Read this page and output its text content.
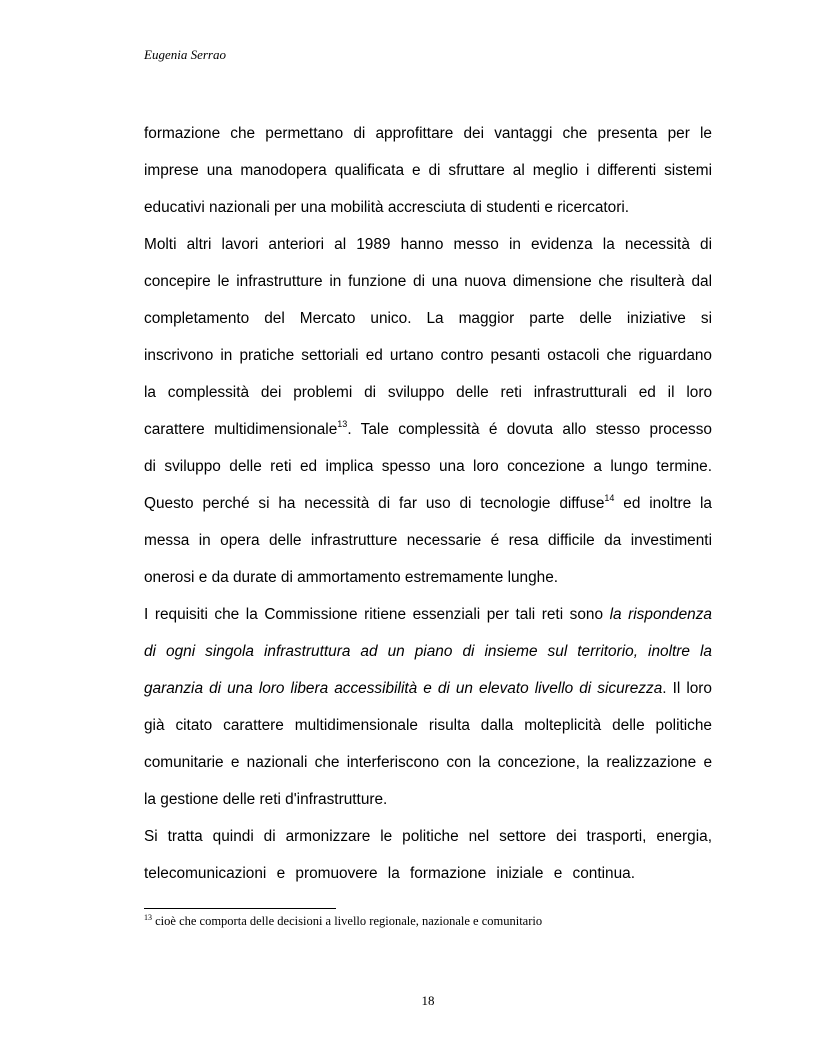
Eugenia Serrao
formazione che permettano di approfittare dei vantaggi che presenta per le
imprese una manodopera qualificata e di sfruttare al meglio i differenti sistemi
educativi nazionali per una mobilità accresciuta di studenti e ricercatori.
Molti altri lavori anteriori al 1989 hanno messo in evidenza la necessità di
concepire le infrastrutture in funzione di una nuova dimensione che risulterà dal
completamento del Mercato unico. La maggior parte delle iniziative si
inscrivono in pratiche settoriali ed urtano contro pesanti ostacoli che riguardano
la complessità dei problemi di sviluppo delle reti infrastrutturali ed il loro
carattere multidimensionale$^{13}$. Tale complessità é dovuta allo stesso processo
di sviluppo delle reti ed implica spesso una loro concezione a lungo termine.
Questo perché si ha necessità di far uso di tecnologie diffuse$^{14}$ ed inoltre la
messa in opera delle infrastrutture necessarie é resa difficile da investimenti
onerosi e da durate di ammortamento estremamente lunghe.
I requisiti che la Commissione ritiene essenziali per tali reti sono la rispondenza
di ogni singola infrastruttura ad un piano di insieme sul territorio, inoltre la
garanzia di una loro libera accessibilità e di un elevato livello di sicurezza. Il loro
già citato carattere multidimensionale risulta dalla molteplicità delle politiche
comunitarie e nazionali che interferiscono con la concezione, la realizzazione e
la gestione delle reti d'infrastrutture.
Si tratta quindi di armonizzare le politiche nel settore dei trasporti, energia,
telecomunicazioni e promuovere la formazione iniziale e continua.
$^{13}$ cioè che comporta delle decisioni a livello regionale, nazionale e comunitario
18
